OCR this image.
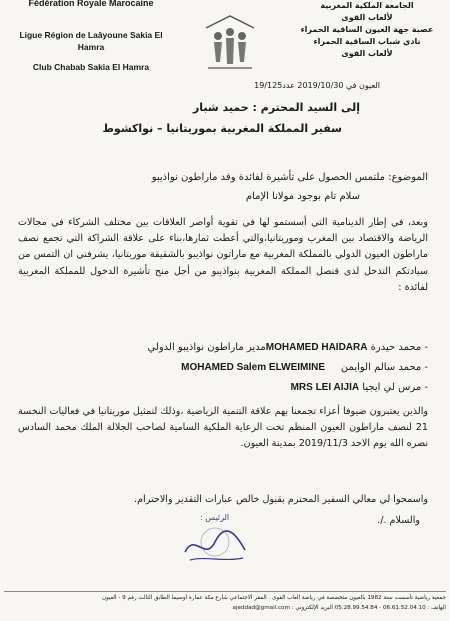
Fédération Royale Marocaine
Ligue Région de Laâyoune Sakia El Hamra
Club Chabab Sakia El Hamra
الجامعة الملكية المغربية
لألعاب القوى
عصبة جهة العيون الساقية الحمراء
نادي شباب الساقية الحمراء
لألعاب القوى
العيون في 2019/10/30 عدد19/125
إلى السيد المحترم : حميد شبار
سفير المملكة المغربية بموريتانيا – نواكشوط
الموضوع: ملتمس الحصول على تأشيرة لفائدة وفد ماراطون نواذيبو
سلام تام بوجود مولانا الإمام
وبعد، في إطار الدينامية التي أسستمو لها في تقوية أواصر العلاقات بين مختلف الشركاء في مجالات الرياضة والاقتصاد بين المغرب وموريتانيا،والتي أعطت ثمارها،بناء على علاقة الشراكة التي تجمع نصف ماراطون العيون الدولي بالمملكة المغربية مع ماراتون نواذيبو بالشقيقة موريتانيا، يشرفني ان التمس من سيادتكم التدخل لدى قنصل المملكة المغربية بنواذيبو من أجل منح تأشيرة الدخول للمملكة المغربية لفائدة :
- محمد حيدرة MOHAMED HAIDARAمدير ماراطون نواذيبو الدولي
- محمد سالم الوايمن     MOHAMED Salem ELWEIMINE
- مرس لي ايجيا MRS LEI AIJIA
والذين يعتبرون ضيوفا أعزاء تجمعنا بهم علاقة التنمية الرياضية ،وذلك لتمثيل موريتانيا في فعاليات النخسة 21 لنصف ماراطون العيون المنظم تحت الرعاية الملكية السامية لصاحب الجلالة الملك محمد السادس نصره الله يوم الاحد 2019/11/3 بمدينة العيون.
واسمحوا لي معالي السفير المحترم بقبول خالص عبارات التقدير والاحترام.
والسلام ./.
الرئيس :
جمعية رياضية تأسست سنة 1982 بالعيون متخصصة في رياضة ألعاب القوى . المقر الاجتماعي شارع مكة عمارة أوسيما الطابق الثالث رقم 9 - العيون
الهاتف : 06.61.52.04.10 - 05.28.99.54.84 البريد الإلكتروني : ajeddad@gmail.com
